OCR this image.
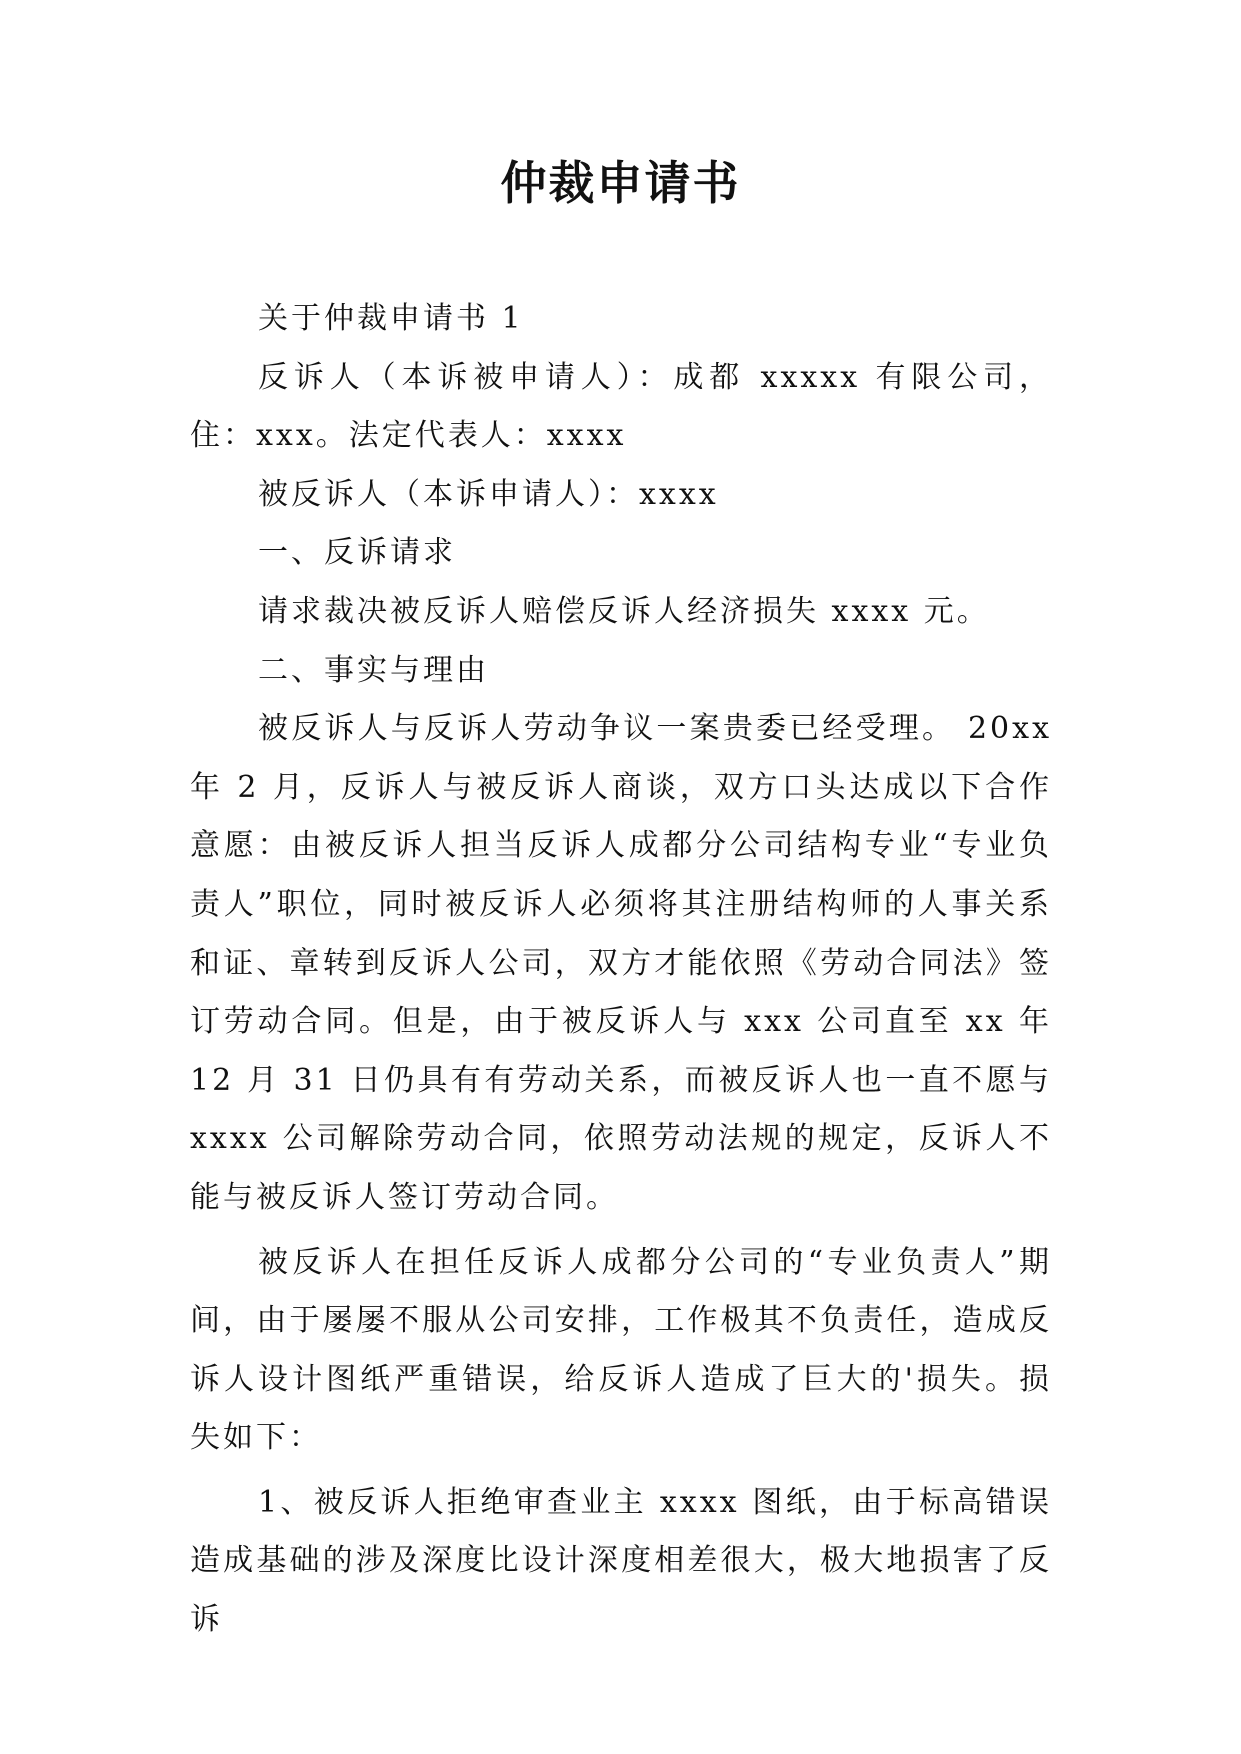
仲裁申请书

关于仲裁申请书 1

反诉人（本诉被申请人）：成都 xxxxx 有限公司，住：xxx。法定代表人：xxxx

被反诉人（本诉申请人）：xxxx

一、反诉请求

请求裁决被反诉人赔偿反诉人经济损失 xxxx 元。

二、事实与理由

被反诉人与反诉人劳动争议一案贵委已经受理。 20xx 年 2 月，反诉人与被反诉人商谈，双方口头达成以下合作意愿：由被反诉人担当反诉人成都分公司结构专业“专业负责人”职位，同时被反诉人必须将其注册结构师的人事关系和证、章转到反诉人公司，双方才能依照《劳动合同法》签订劳动合同。但是，由于被反诉人与 xxx 公司直至 xx 年 12 月 31 日仍具有有劳动关系，而被反诉人也一直不愿与 xxxx 公司解除劳动合同，依照劳动法规的规定，反诉人不能与被反诉人签订劳动合同。

被反诉人在担任反诉人成都分公司的“专业负责人”期间，由于屡屡不服从公司安排，工作极其不负责任，造成反诉人设计图纸严重错误，给反诉人造成了巨大的'损失。损失如下：

1、被反诉人拒绝审查业主 xxxx 图纸，由于标高错误造成基础的涉及深度比设计深度相差很大，极大地损害了反诉
